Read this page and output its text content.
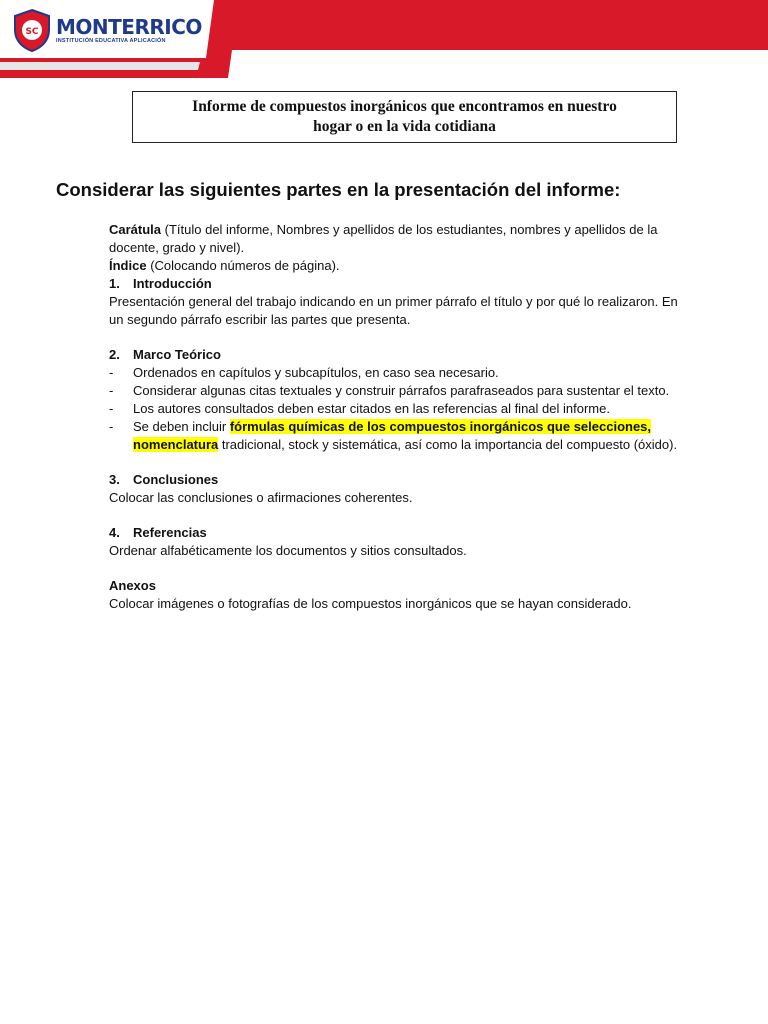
SC MONTERRICO
INSTITUCIÓN EDUCATIVA APLICACIÓN
Informe de compuestos inorgánicos que encontramos en nuestro
hogar o en la vida cotidiana
Considerar las siguientes partes en la presentación del informe:

Carátula (Título del informe, Nombres y apellidos de los estudiantes, nombres y apellidos de la docente, grado y nivel).

Índice (Colocando números de página).

1. Introducción

Presentación general del trabajo indicando en un primer párrafo el título y por qué lo realizaron. En un segundo párrafo escribir las partes que presenta.

2. Marco Teórico

- Ordenados en capítulos y subcapítulos, en caso sea necesario.
- Considerar algunas citas textuales y construir párrafos parafraseados para sustentar el texto.
- Los autores consultados deben estar citados en las referencias al final del informe.
- Se deben incluir fórmulas químicas de los compuestos inorgánicos que selecciones, nomenclatura tradicional, stock y sistemática, así como la importancia del compuesto (óxido).

3. Conclusiones

Colocar las conclusiones o afirmaciones coherentes.

4. Referencias

Ordenar alfabéticamente los documentos y sitios consultados.

Anexos

Colocar imágenes o fotografías de los compuestos inorgánicos que se hayan considerado.
